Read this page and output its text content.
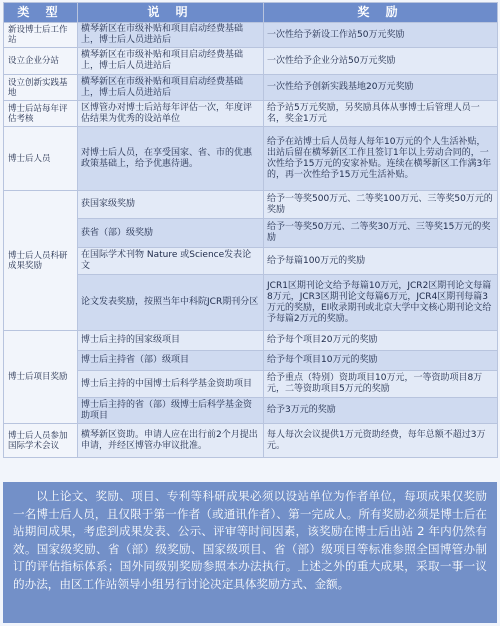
类 型	说 明	奖 励
新设博士后工作站	横琴新区在市级补贴和项目启动经费基础上，博士后人员进站后	一次性给予新设工作站50万元奖励
设立企业分站	横琴新区在市级补贴和项目启动经费基础上，博士后人员进站后	一次性给予企业分站50万元奖励
设立创新实践基地	横琴新区在市级补贴和项目启动经费基础上，博士后人员进站后	一次性给予创新实践基地20万元奖励
博士后站每年评估考核	区博管办对博士后站每年评估一次，年度评估结果为优秀的设站单位	给予站5万元奖励，另奖励具体从事博士后管理人员一名，奖金1万元
博士后人员	对博士后人员，在享受国家、省、市的优惠政策基础上，给予优惠待遇。	给予在站博士后人员每人每年10万元的个人生活补贴，出站后留在横琴新区工作且签订1年以上劳动合同的，一次性给予15万元的安家补贴。连续在横琴新区工作满3年的，再一次性给予15万元生活补贴。
博士后人员科研成果奖励	获国家级奖励	给予一等奖500万元、二等奖100万元、三等奖50万元的奖励
	获省（部）级奖励	给予一等奖50万元、二等奖30万元、三等奖15万元的奖励
	在国际学术刊物 Nature 或Science发表论文	给予每篇100万元的奖励
	论文发表奖励，按照当年中科院JCR期刊分区	JCR1区期刊论文给予每篇10万元，JCR2区期刊论文每篇8万元，JCR3区期刊论文每篇6万元，JCR4区期刊每篇3万元的奖励，EI收录期刊或北京大学中文核心期刊论文给予每篇2万元的奖励。
博士后项目奖励	博士后主持的国家级项目	给予每个项目20万元的奖励
	博士后主持省（部）级项目	给予每个项目10万元的奖励
	博士后主持的中国博士后科学基金资助项目	给予重点（特别）资助项目10万元，一等资助项目8万元，二等资助项目5万元的奖励
	博士后主持的省（部）级博士后科学基金资助项目	给予3万元的奖励
博士后人员参加国际学术会议	横琴新区资助。申请人应在出行前2个月提出申请，并经区博管办审议批准。	每人每次会议提供1万元资助经费，每年总额不超过3万元。
以上论文、奖励、项目、专利等科研成果必须以设站单位为作者单位，每项成果仅奖励一名博士后人员，且仅限于第一作者（或通讯作者）、第一完成人。所有奖励必须是博士后在站期间成果，考虑到成果发表、公示、评审等时间因素，该奖励在博士后出站 2 年内仍然有效。国家级奖励、省（部）级奖励、国家级项目、省（部）级项目等标准参照全国博管办制订的评估指标体系；国外同级别奖励参照本办法执行。上述之外的重大成果，采取一事一议的办法，由区工作站领导小组另行讨论决定具体奖励方式、金额。
